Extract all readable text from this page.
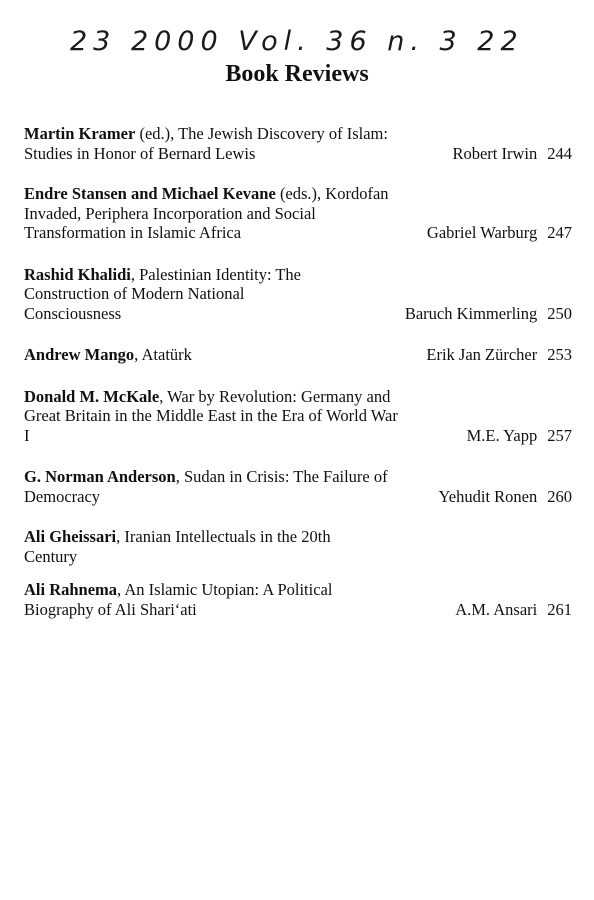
23 2000 Vol. 36 n. 3 22
Book Reviews
Martin Kramer (ed.), The Jewish Discovery of Islam: Studies in Honor of Bernard Lewis	Robert Irwin 244
Endre Stansen and Michael Kevane (eds.), Kordofan Invaded, Periphera Incorporation and Social Transformation in Islamic Africa	Gabriel Warburg 247
Rashid Khalidi, Palestinian Identity: The Construction of Modern National Consciousness	Baruch Kimmerling 250
Andrew Mango, Atatürk	Erik Jan Zürcher 253
Donald M. McKale, War by Revolution: Germany and Great Britain in the Middle East in the Era of World War I	M.E. Yapp 257
G. Norman Anderson, Sudan in Crisis: The Failure of Democracy	Yehudit Ronen 260
Ali Gheissari, Iranian Intellectuals in the 20th Century
Ali Rahnema, An Islamic Utopian: A Political Biography of Ali Shari‘ati	A.M. Ansari 261
